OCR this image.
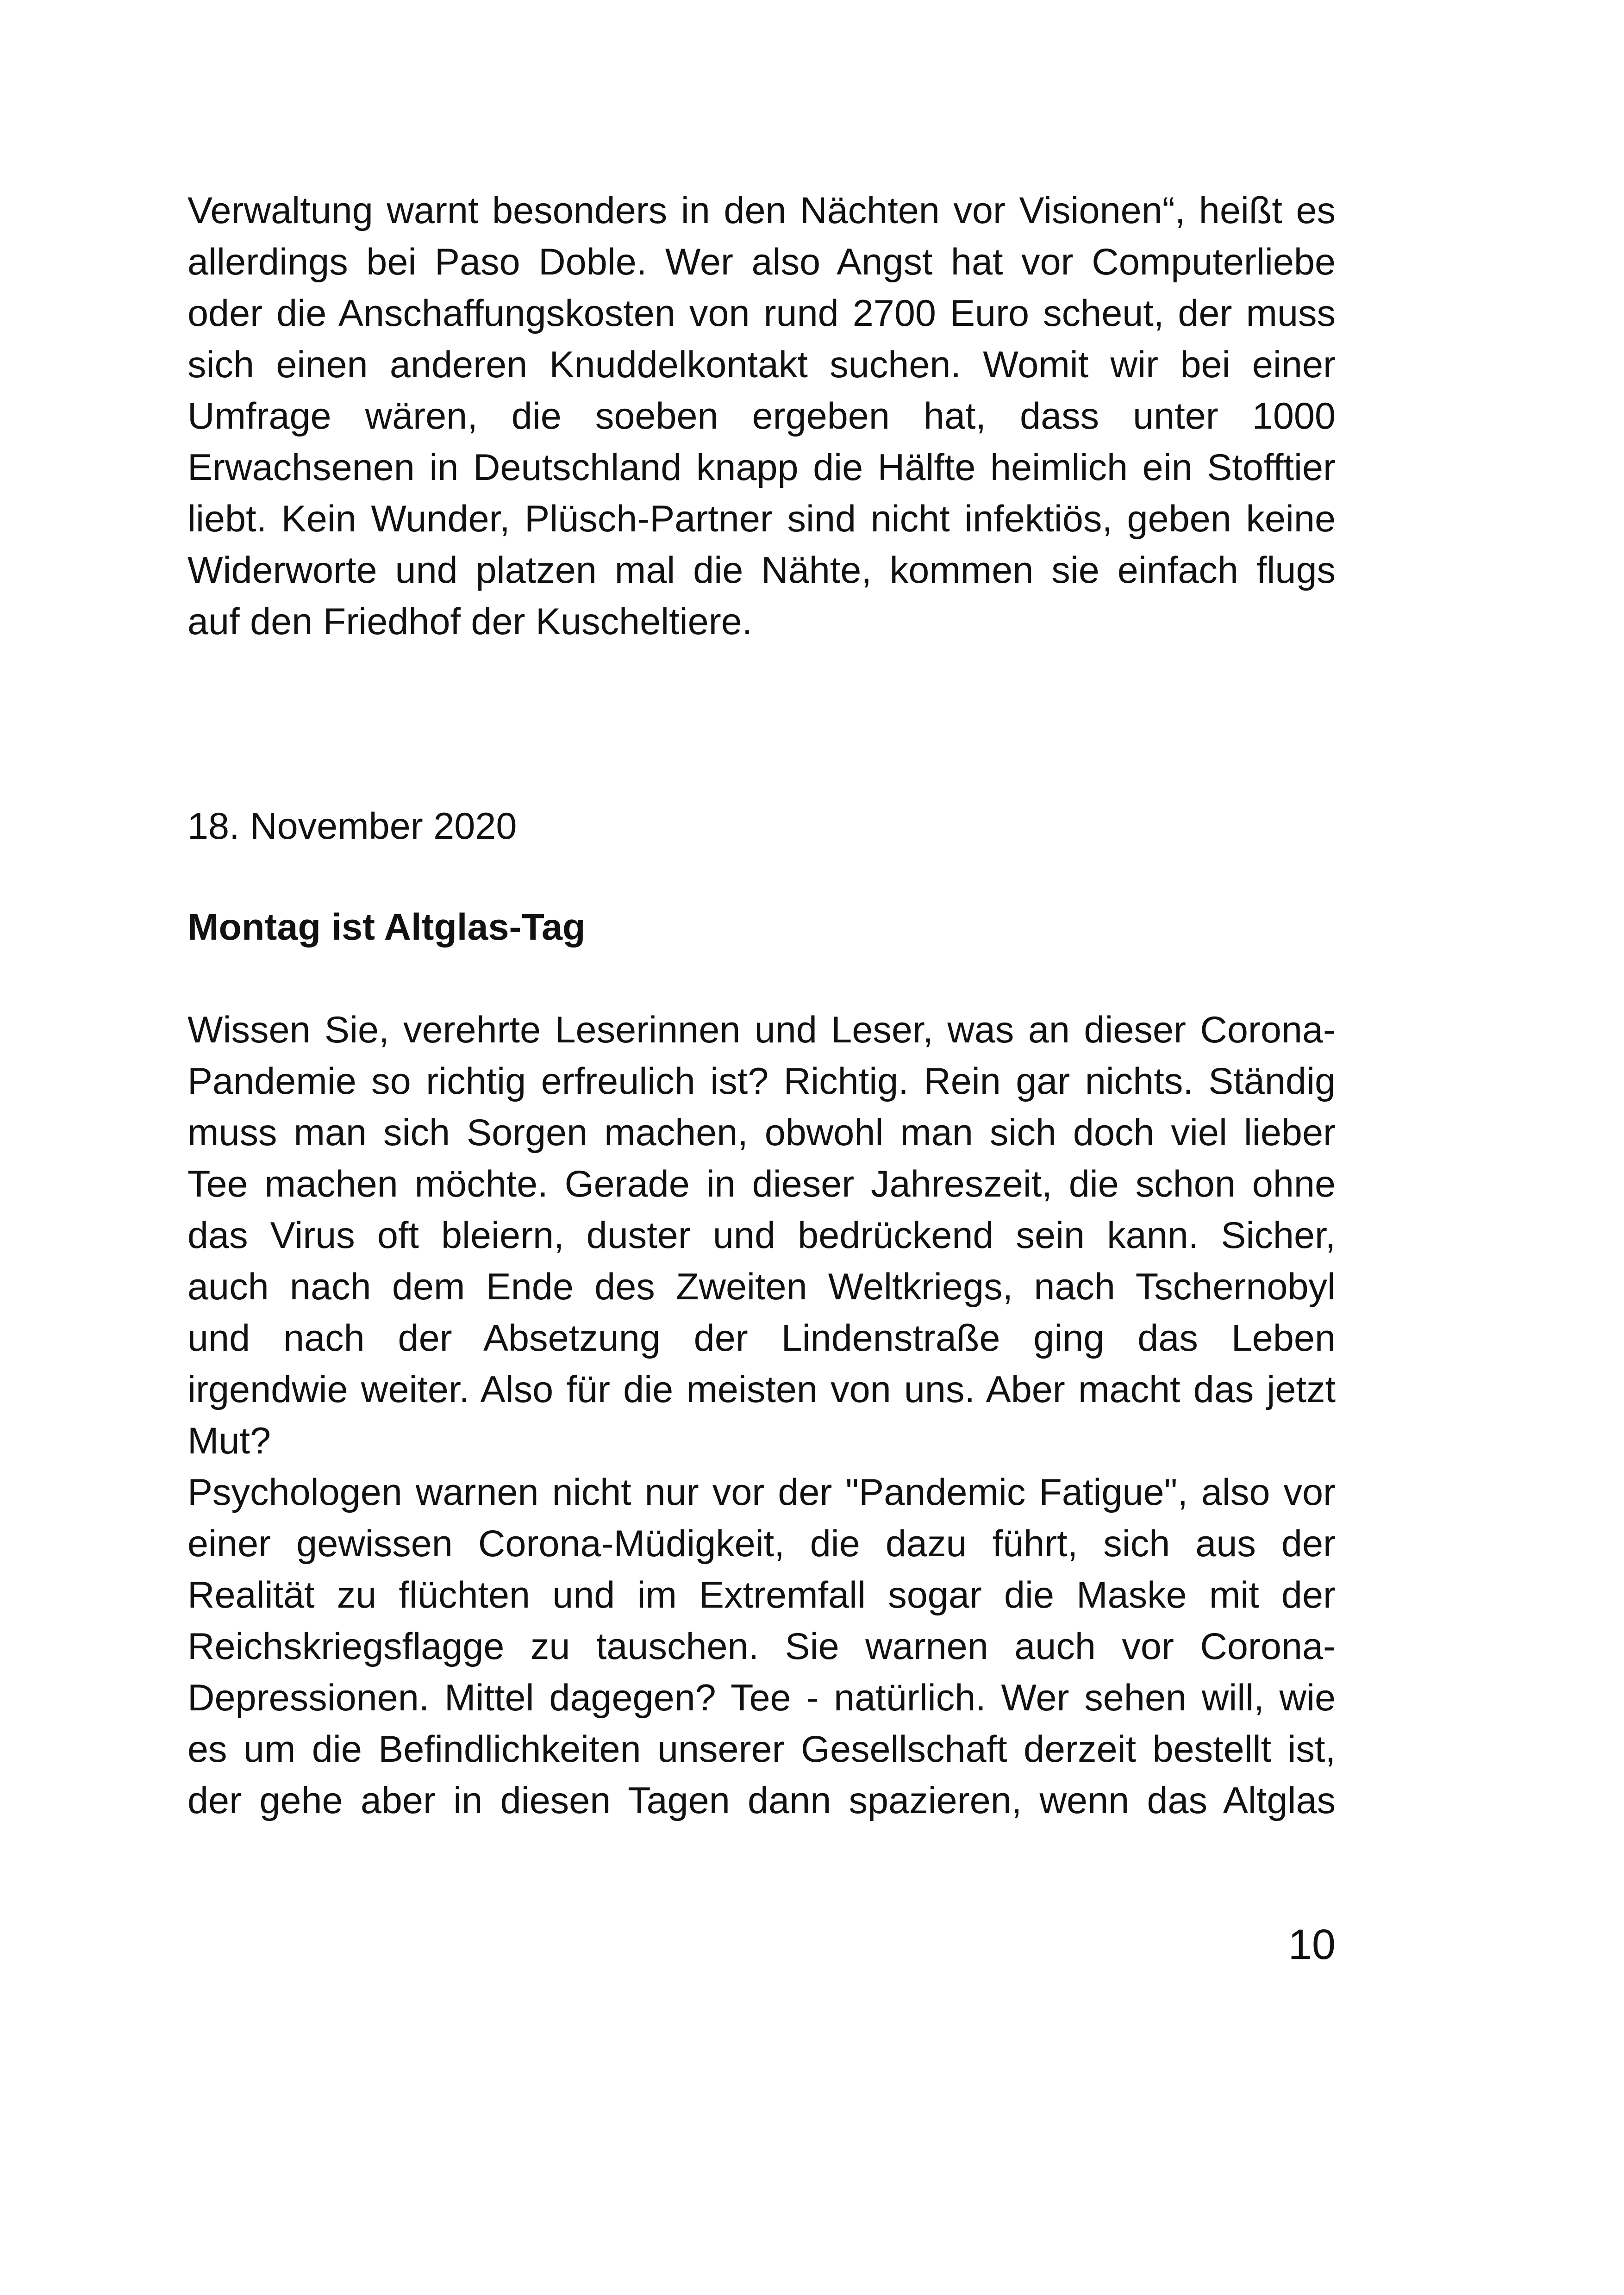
Verwaltung warnt besonders in den Nächten vor Visionen“, heißt es
allerdings bei Paso Doble. Wer also Angst hat vor Computerliebe
oder die Anschaffungskosten von rund 2700 Euro scheut, der muss
sich einen anderen Knuddelkontakt suchen. Womit wir bei einer
Umfrage wären, die soeben ergeben hat, dass unter 1000
Erwachsenen in Deutschland knapp die Hälfte heimlich ein Stofftier
liebt. Kein Wunder, Plüsch-Partner sind nicht infektiös, geben keine
Widerworte und platzen mal die Nähte, kommen sie einfach flugs
auf den Friedhof der Kuscheltiere.
18. November 2020
Montag ist Altglas-Tag

Wissen Sie, verehrte Leserinnen und Leser, was an dieser Corona-
Pandemie so richtig erfreulich ist? Richtig. Rein gar nichts. Ständig
muss man sich Sorgen machen, obwohl man sich doch viel lieber
Tee machen möchte. Gerade in dieser Jahreszeit, die schon ohne
das Virus oft bleiern, duster und bedrückend sein kann. Sicher,
auch nach dem Ende des Zweiten Weltkriegs, nach Tschernobyl
und nach der Absetzung der Lindenstraße ging das Leben
irgendwie weiter. Also für die meisten von uns. Aber macht das jetzt
Mut?

Psychologen warnen nicht nur vor der "Pandemic Fatigue", also vor
einer gewissen Corona-Müdigkeit, die dazu führt, sich aus der
Realität zu flüchten und im Extremfall sogar die Maske mit der
Reichskriegsflagge zu tauschen. Sie warnen auch vor Corona-
Depressionen. Mittel dagegen? Tee - natürlich. Wer sehen will, wie
es um die Befindlichkeiten unserer Gesellschaft derzeit bestellt ist,
der gehe aber in diesen Tagen dann spazieren, wenn das Altglas

10
